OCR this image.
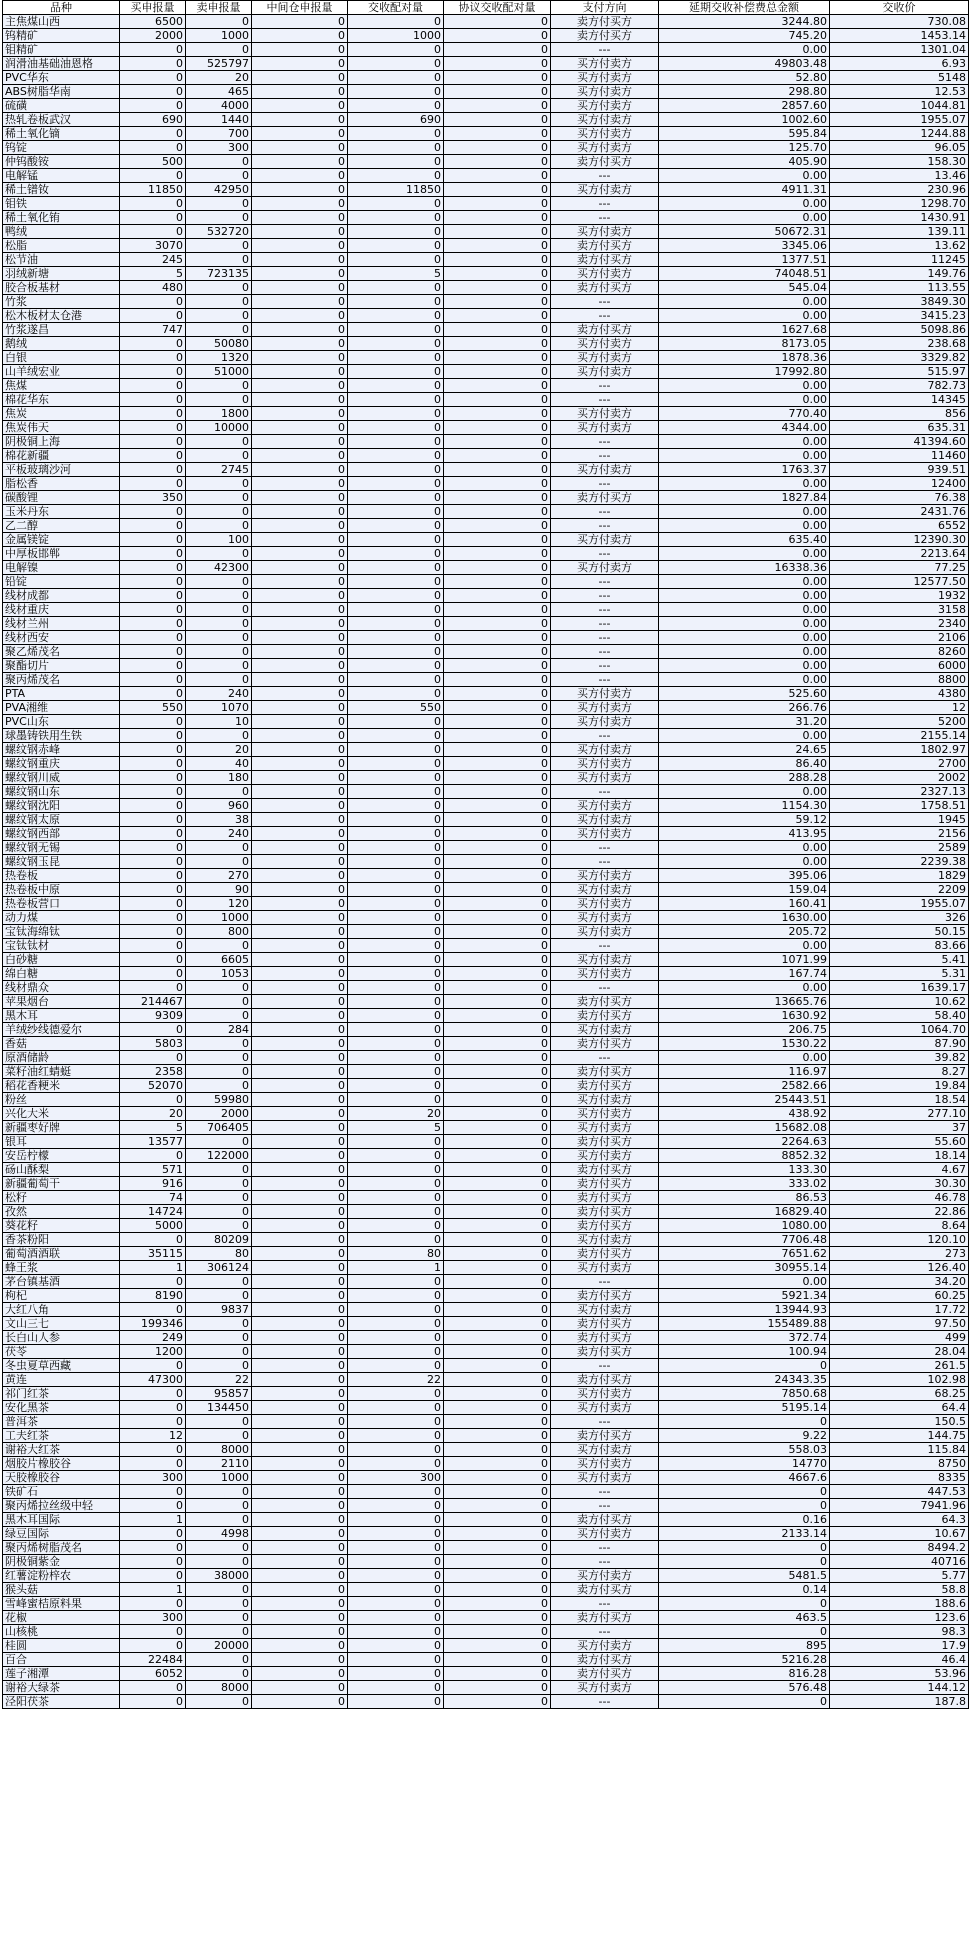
品种	买申报量	卖申报量	中间仓申报量	交收配对量	协议交收配对量	支付方向	延期交收补偿费总金额	交收价
主焦煤山西	6500	0	0	0	0	卖方付买方	3244.80	730.08
钨精矿	2000	1000	0	1000	0	卖方付买方	745.20	1453.14
钼精矿	0	0	0	0	0	---	0.00	1301.04
润滑油基础油恩格	0	525797	0	0	0	买方付卖方	49803.48	6.93
PVC华东	0	20	0	0	0	买方付卖方	52.80	5148
ABS树脂华南	0	465	0	0	0	买方付卖方	298.80	12.53
硫磺	0	4000	0	0	0	买方付卖方	2857.60	1044.81
热轧卷板武汉	690	1440	0	690	0	买方付卖方	1002.60	1955.07
稀土氧化镝	0	700	0	0	0	买方付卖方	595.84	1244.88
钨锭	0	300	0	0	0	买方付卖方	125.70	96.05
仲钨酸铵	500	0	0	0	0	卖方付买方	405.90	158.30
电解锰	0	0	0	0	0	---	0.00	13.46
稀土镨钕	11850	42950	0	11850	0	买方付卖方	4911.31	230.96
钼铁	0	0	0	0	0	---	0.00	1298.70
稀土氧化铕	0	0	0	0	0	---	0.00	1430.91
鸭绒	0	532720	0	0	0	买方付卖方	50672.31	139.11
松脂	3070	0	0	0	0	卖方付买方	3345.06	13.62
松节油	245	0	0	0	0	卖方付买方	1377.51	11245
羽绒新塘	5	723135	0	5	0	买方付卖方	74048.51	149.76
胶合板基材	480	0	0	0	0	卖方付买方	545.04	113.55
竹浆	0	0	0	0	0	---	0.00	3849.30
松木板材太仓港	0	0	0	0	0	---	0.00	3415.23
竹浆遂昌	747	0	0	0	0	卖方付买方	1627.68	5098.86
鹅绒	0	50080	0	0	0	买方付卖方	8173.05	238.68
白银	0	1320	0	0	0	买方付卖方	1878.36	3329.82
山羊绒宏业	0	51000	0	0	0	买方付卖方	17992.80	515.97
焦煤	0	0	0	0	0	---	0.00	782.73
棉花华东	0	0	0	0	0	---	0.00	14345
焦炭	0	1800	0	0	0	买方付卖方	770.40	856
焦炭伟天	0	10000	0	0	0	买方付卖方	4344.00	635.31
阴极铜上海	0	0	0	0	0	---	0.00	41394.60
棉花新疆	0	0	0	0	0	---	0.00	11460
平板玻璃沙河	0	2745	0	0	0	买方付卖方	1763.37	939.51
脂松香	0	0	0	0	0	---	0.00	12400
碳酸锂	350	0	0	0	0	卖方付买方	1827.84	76.38
玉米丹东	0	0	0	0	0	---	0.00	2431.76
乙二醇	0	0	0	0	0	---	0.00	6552
金属镁锭	0	100	0	0	0	买方付卖方	635.40	12390.30
中厚板邯郸	0	0	0	0	0	---	0.00	2213.64
电解镍	0	42300	0	0	0	买方付卖方	16338.36	77.25
铅锭	0	0	0	0	0	---	0.00	12577.50
线材成都	0	0	0	0	0	---	0.00	1932
线材重庆	0	0	0	0	0	---	0.00	3158
线材兰州	0	0	0	0	0	---	0.00	2340
线材西安	0	0	0	0	0	---	0.00	2106
聚乙烯茂名	0	0	0	0	0	---	0.00	8260
聚酯切片	0	0	0	0	0	---	0.00	6000
聚丙烯茂名	0	0	0	0	0	---	0.00	8800
PTA	0	240	0	0	0	买方付卖方	525.60	4380
PVA湘维	550	1070	0	550	0	买方付卖方	266.76	12
PVC山东	0	10	0	0	0	买方付卖方	31.20	5200
球墨铸铁用生铁	0	0	0	0	0	---	0.00	2155.14
螺纹钢赤峰	0	20	0	0	0	买方付卖方	24.65	1802.97
螺纹钢重庆	0	40	0	0	0	买方付卖方	86.40	2700
螺纹钢川威	0	180	0	0	0	买方付卖方	288.28	2002
螺纹钢山东	0	0	0	0	0	---	0.00	2327.13
螺纹钢沈阳	0	960	0	0	0	买方付卖方	1154.30	1758.51
螺纹钢太原	0	38	0	0	0	买方付卖方	59.12	1945
螺纹钢西部	0	240	0	0	0	买方付卖方	413.95	2156
螺纹钢无锡	0	0	0	0	0	---	0.00	2589
螺纹钢玉昆	0	0	0	0	0	---	0.00	2239.38
热卷板	0	270	0	0	0	买方付卖方	395.06	1829
热卷板中原	0	90	0	0	0	买方付卖方	159.04	2209
热卷板营口	0	120	0	0	0	买方付卖方	160.41	1955.07
动力煤	0	1000	0	0	0	买方付卖方	1630.00	326
宝钛海绵钛	0	800	0	0	0	买方付卖方	205.72	50.15
宝钛钛材	0	0	0	0	0	---	0.00	83.66
白砂糖	0	6605	0	0	0	买方付卖方	1071.99	5.41
绵白糖	0	1053	0	0	0	买方付卖方	167.74	5.31
线材鼎众	0	0	0	0	0	---	0.00	1639.17
苹果烟台	214467	0	0	0	0	卖方付买方	13665.76	10.62
黑木耳	9309	0	0	0	0	卖方付买方	1630.92	58.40
羊绒纱线德爱尔	0	284	0	0	0	买方付卖方	206.75	1064.70
香菇	5803	0	0	0	0	卖方付买方	1530.22	87.90
原酒储龄	0	0	0	0	0	---	0.00	39.82
菜籽油红蜻蜓	2358	0	0	0	0	卖方付买方	116.97	8.27
稻花香粳米	52070	0	0	0	0	卖方付买方	2582.66	19.84
粉丝	0	59980	0	0	0	买方付卖方	25443.51	18.54
兴化大米	20	2000	0	20	0	买方付卖方	438.92	277.10
新疆枣好牌	5	706405	0	5	0	买方付卖方	15682.08	37
银耳	13577	0	0	0	0	卖方付买方	2264.63	55.60
安岳柠檬	0	122000	0	0	0	买方付卖方	8852.32	18.14
砀山酥梨	571	0	0	0	0	卖方付买方	133.30	4.67
新疆葡萄干	916	0	0	0	0	卖方付买方	333.02	30.30
松籽	74	0	0	0	0	卖方付买方	86.53	46.78
孜然	14724	0	0	0	0	卖方付买方	16829.40	22.86
葵花籽	5000	0	0	0	0	卖方付买方	1080.00	8.64
香茶粉阳	0	80209	0	0	0	买方付卖方	7706.48	120.10
葡萄酒酒联	35115	80	0	80	0	卖方付买方	7651.62	273
蜂王浆	1	306124	0	1	0	买方付卖方	30955.14	126.40
茅台镇基酒	0	0	0	0	0	---	0.00	34.20
枸杞	8190	0	0	0	0	卖方付买方	5921.34	60.25
大红八角	0	9837	0	0	0	买方付卖方	13944.93	17.72
文山三七	199346	0	0	0	0	卖方付买方	155489.88	97.50
长白山人参	249	0	0	0	0	卖方付买方	372.74	499
茯苓	1200	0	0	0	0	卖方付买方	100.94	28.04
冬虫夏草西藏	0	0	0	0	0	---	0	261.5
黄连	47300	22	0	22	0	卖方付买方	24343.35	102.98
祁门红茶	0	95857	0	0	0	买方付卖方	7850.68	68.25
安化黑茶	0	134450	0	0	0	买方付卖方	5195.14	64.4
普洱茶	0	0	0	0	0	---	0	150.5
工夫红茶	12	0	0	0	0	卖方付买方	9.22	144.75
谢裕大红茶	0	8000	0	0	0	买方付卖方	558.03	115.84
烟胶片橡胶谷	0	2110	0	0	0	买方付卖方	14770	8750
天胶橡胶谷	300	1000	0	300	0	买方付卖方	4667.6	8335
铁矿石	0	0	0	0	0	---	0	447.53
聚丙烯拉丝级中轻	0	0	0	0	0	---	0	7941.96
黑木耳国际	1	0	0	0	0	卖方付买方	0.16	64.3
绿豆国际	0	4998	0	0	0	买方付卖方	2133.14	10.67
聚丙烯树脂茂名	0	0	0	0	0	---	0	8494.2
阴极铜紫金	0	0	0	0	0	---	0	40716
红薯淀粉梓农	0	38000	0	0	0	买方付卖方	5481.5	5.77
猴头菇	1	0	0	0	0	卖方付买方	0.14	58.8
雪峰蜜桔原料果	0	0	0	0	0	---	0	188.6
花椒	300	0	0	0	0	卖方付买方	463.5	123.6
山核桃	0	0	0	0	0	---	0	98.3
桂圆	0	20000	0	0	0	买方付卖方	895	17.9
百合	22484	0	0	0	0	卖方付买方	5216.28	46.4
莲子湘潭	6052	0	0	0	0	卖方付买方	816.28	53.96
谢裕大绿茶	0	8000	0	0	0	买方付卖方	576.48	144.12
泾阳茯茶	0	0	0	0	0	---	0	187.8
